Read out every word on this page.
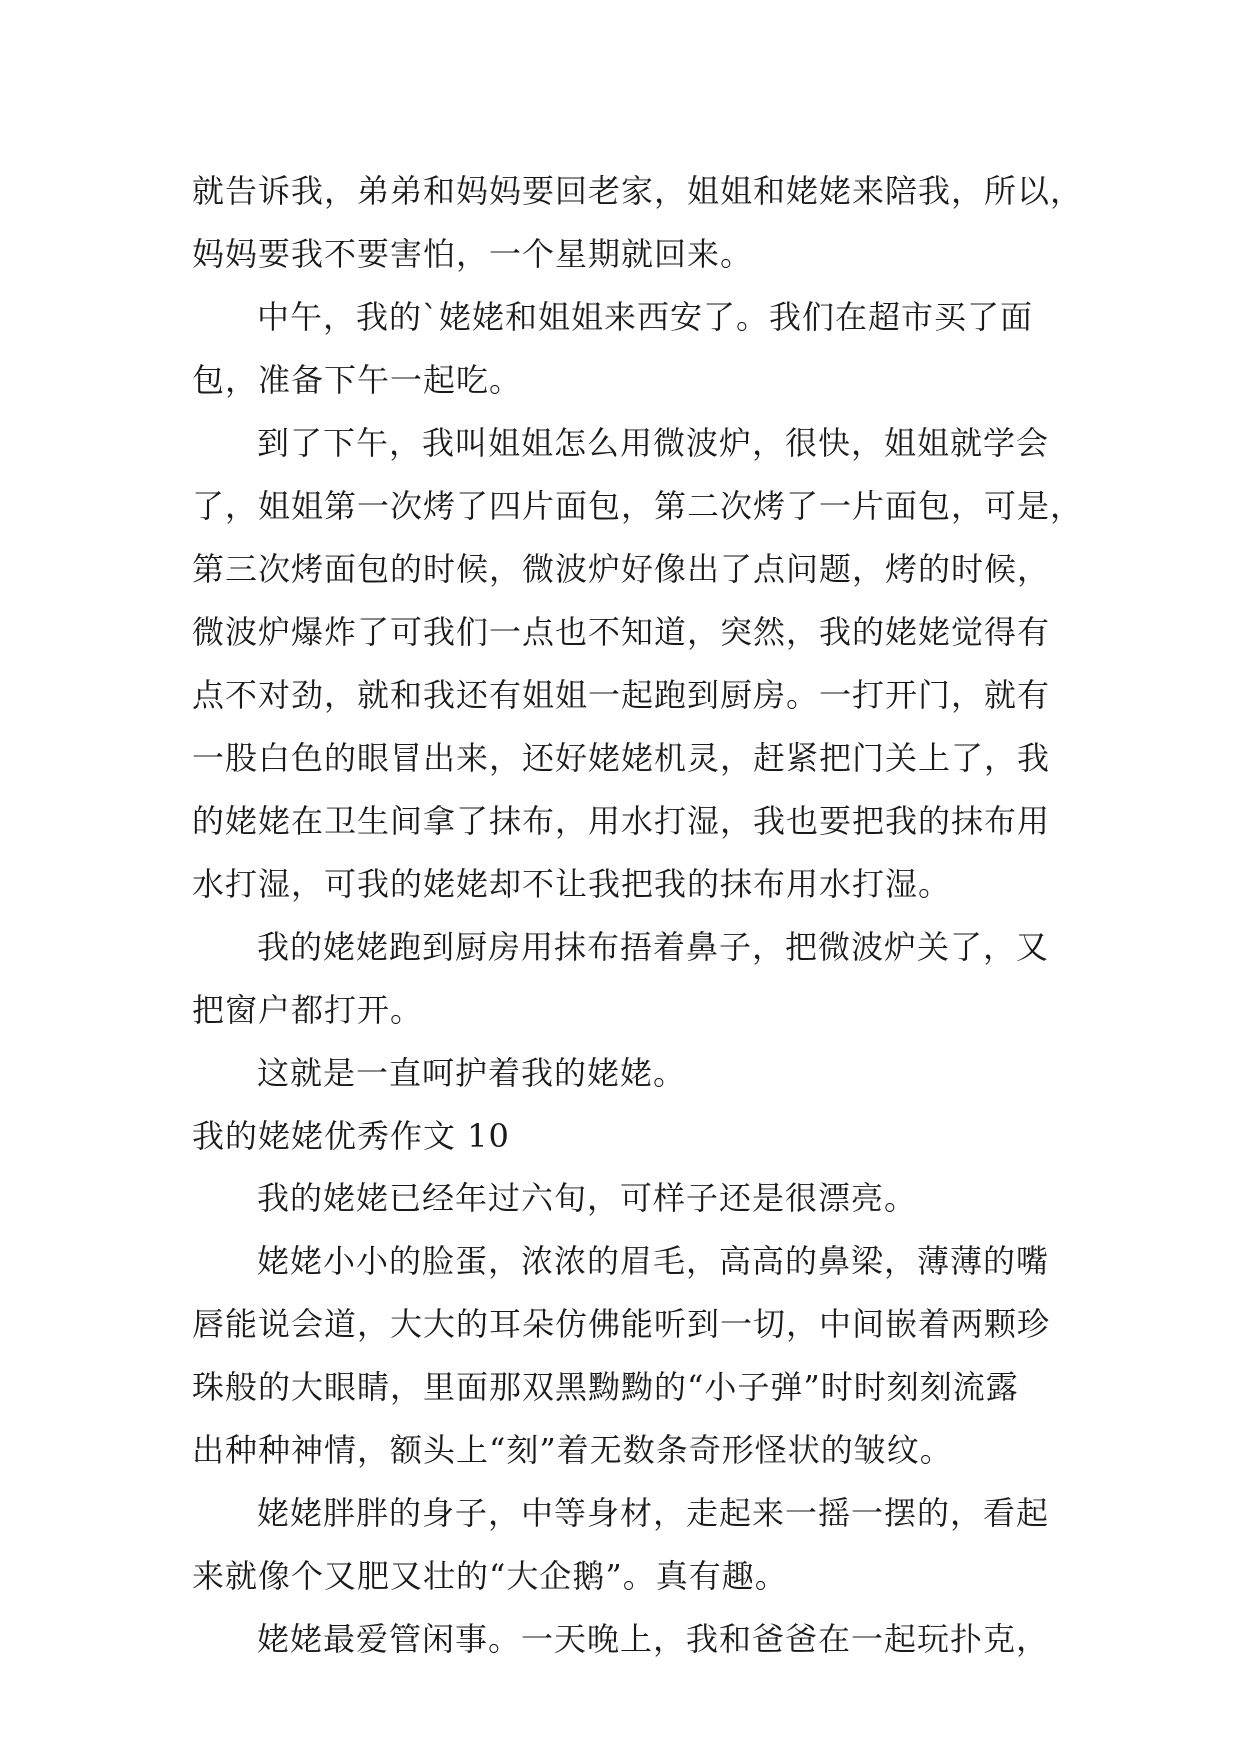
就告诉我，弟弟和妈妈要回老家，姐姐和姥姥来陪我，所以，
妈妈要我不要害怕，一个星期就回来。
中午，我的`姥姥和姐姐来西安了。我们在超市买了面
包，准备下午一起吃。
到了下午，我叫姐姐怎么用微波炉，很快，姐姐就学会
了，姐姐第一次烤了四片面包，第二次烤了一片面包，可是，
第三次烤面包的时候，微波炉好像出了点问题，烤的时候，
微波炉爆炸了可我们一点也不知道，突然，我的姥姥觉得有
点不对劲，就和我还有姐姐一起跑到厨房。一打开门，就有
一股白色的眼冒出来，还好姥姥机灵，赶紧把门关上了，我
的姥姥在卫生间拿了抹布，用水打湿，我也要把我的抹布用
水打湿，可我的姥姥却不让我把我的抹布用水打湿。
我的姥姥跑到厨房用抹布捂着鼻子，把微波炉关了，又
把窗户都打开。
这就是一直呵护着我的姥姥。
我的姥姥优秀作文 10
我的姥姥已经年过六旬，可样子还是很漂亮。
姥姥小小的脸蛋，浓浓的眉毛，高高的鼻梁，薄薄的嘴
唇能说会道，大大的耳朵仿佛能听到一切，中间嵌着两颗珍
珠般的大眼睛，里面那双黑黝黝的“小子弹”时时刻刻流露
出种种神情，额头上“刻”着无数条奇形怪状的皱纹。
姥姥胖胖的身子，中等身材，走起来一摇一摆的，看起
来就像个又肥又壮的“大企鹅”。真有趣。
姥姥最爱管闲事。一天晚上，我和爸爸在一起玩扑克，
